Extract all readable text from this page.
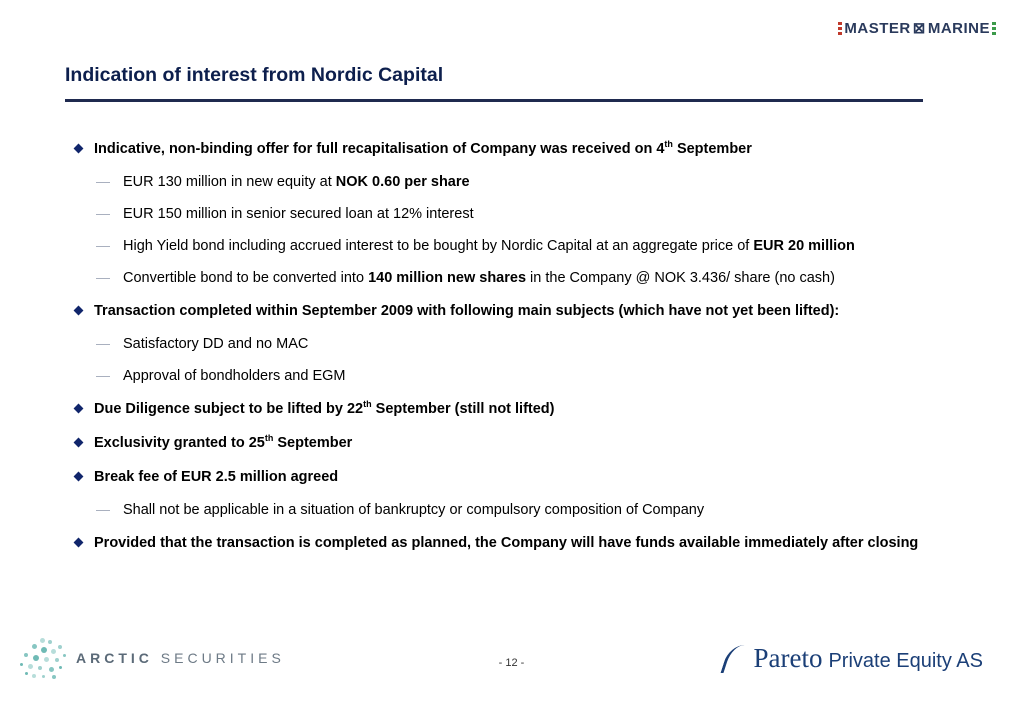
MASTER ⊠ MARINE
Indication of interest from Nordic Capital
Indicative, non-binding offer for full recapitalisation of Company was received on 4th September
EUR 130 million in new equity at NOK 0.60 per share
EUR 150 million in senior secured loan at 12% interest
High Yield bond including accrued interest to be bought by Nordic Capital at an aggregate price of EUR 20 million
Convertible bond to be converted into 140 million new shares in the Company @ NOK 3.436/ share (no cash)
Transaction completed within September 2009 with following main subjects (which have not yet been lifted):
Satisfactory DD and no MAC
Approval of bondholders and EGM
Due Diligence subject to be lifted by 22th September (still not lifted)
Exclusivity granted to 25th September
Break fee of EUR 2.5 million agreed
Shall not be applicable in a situation of bankruptcy or compulsory composition of Company
Provided that the transaction is completed as planned, the Company will have funds available immediately after closing
ARCTIC SECURITIES	- 12 -	Pareto Private Equity AS
